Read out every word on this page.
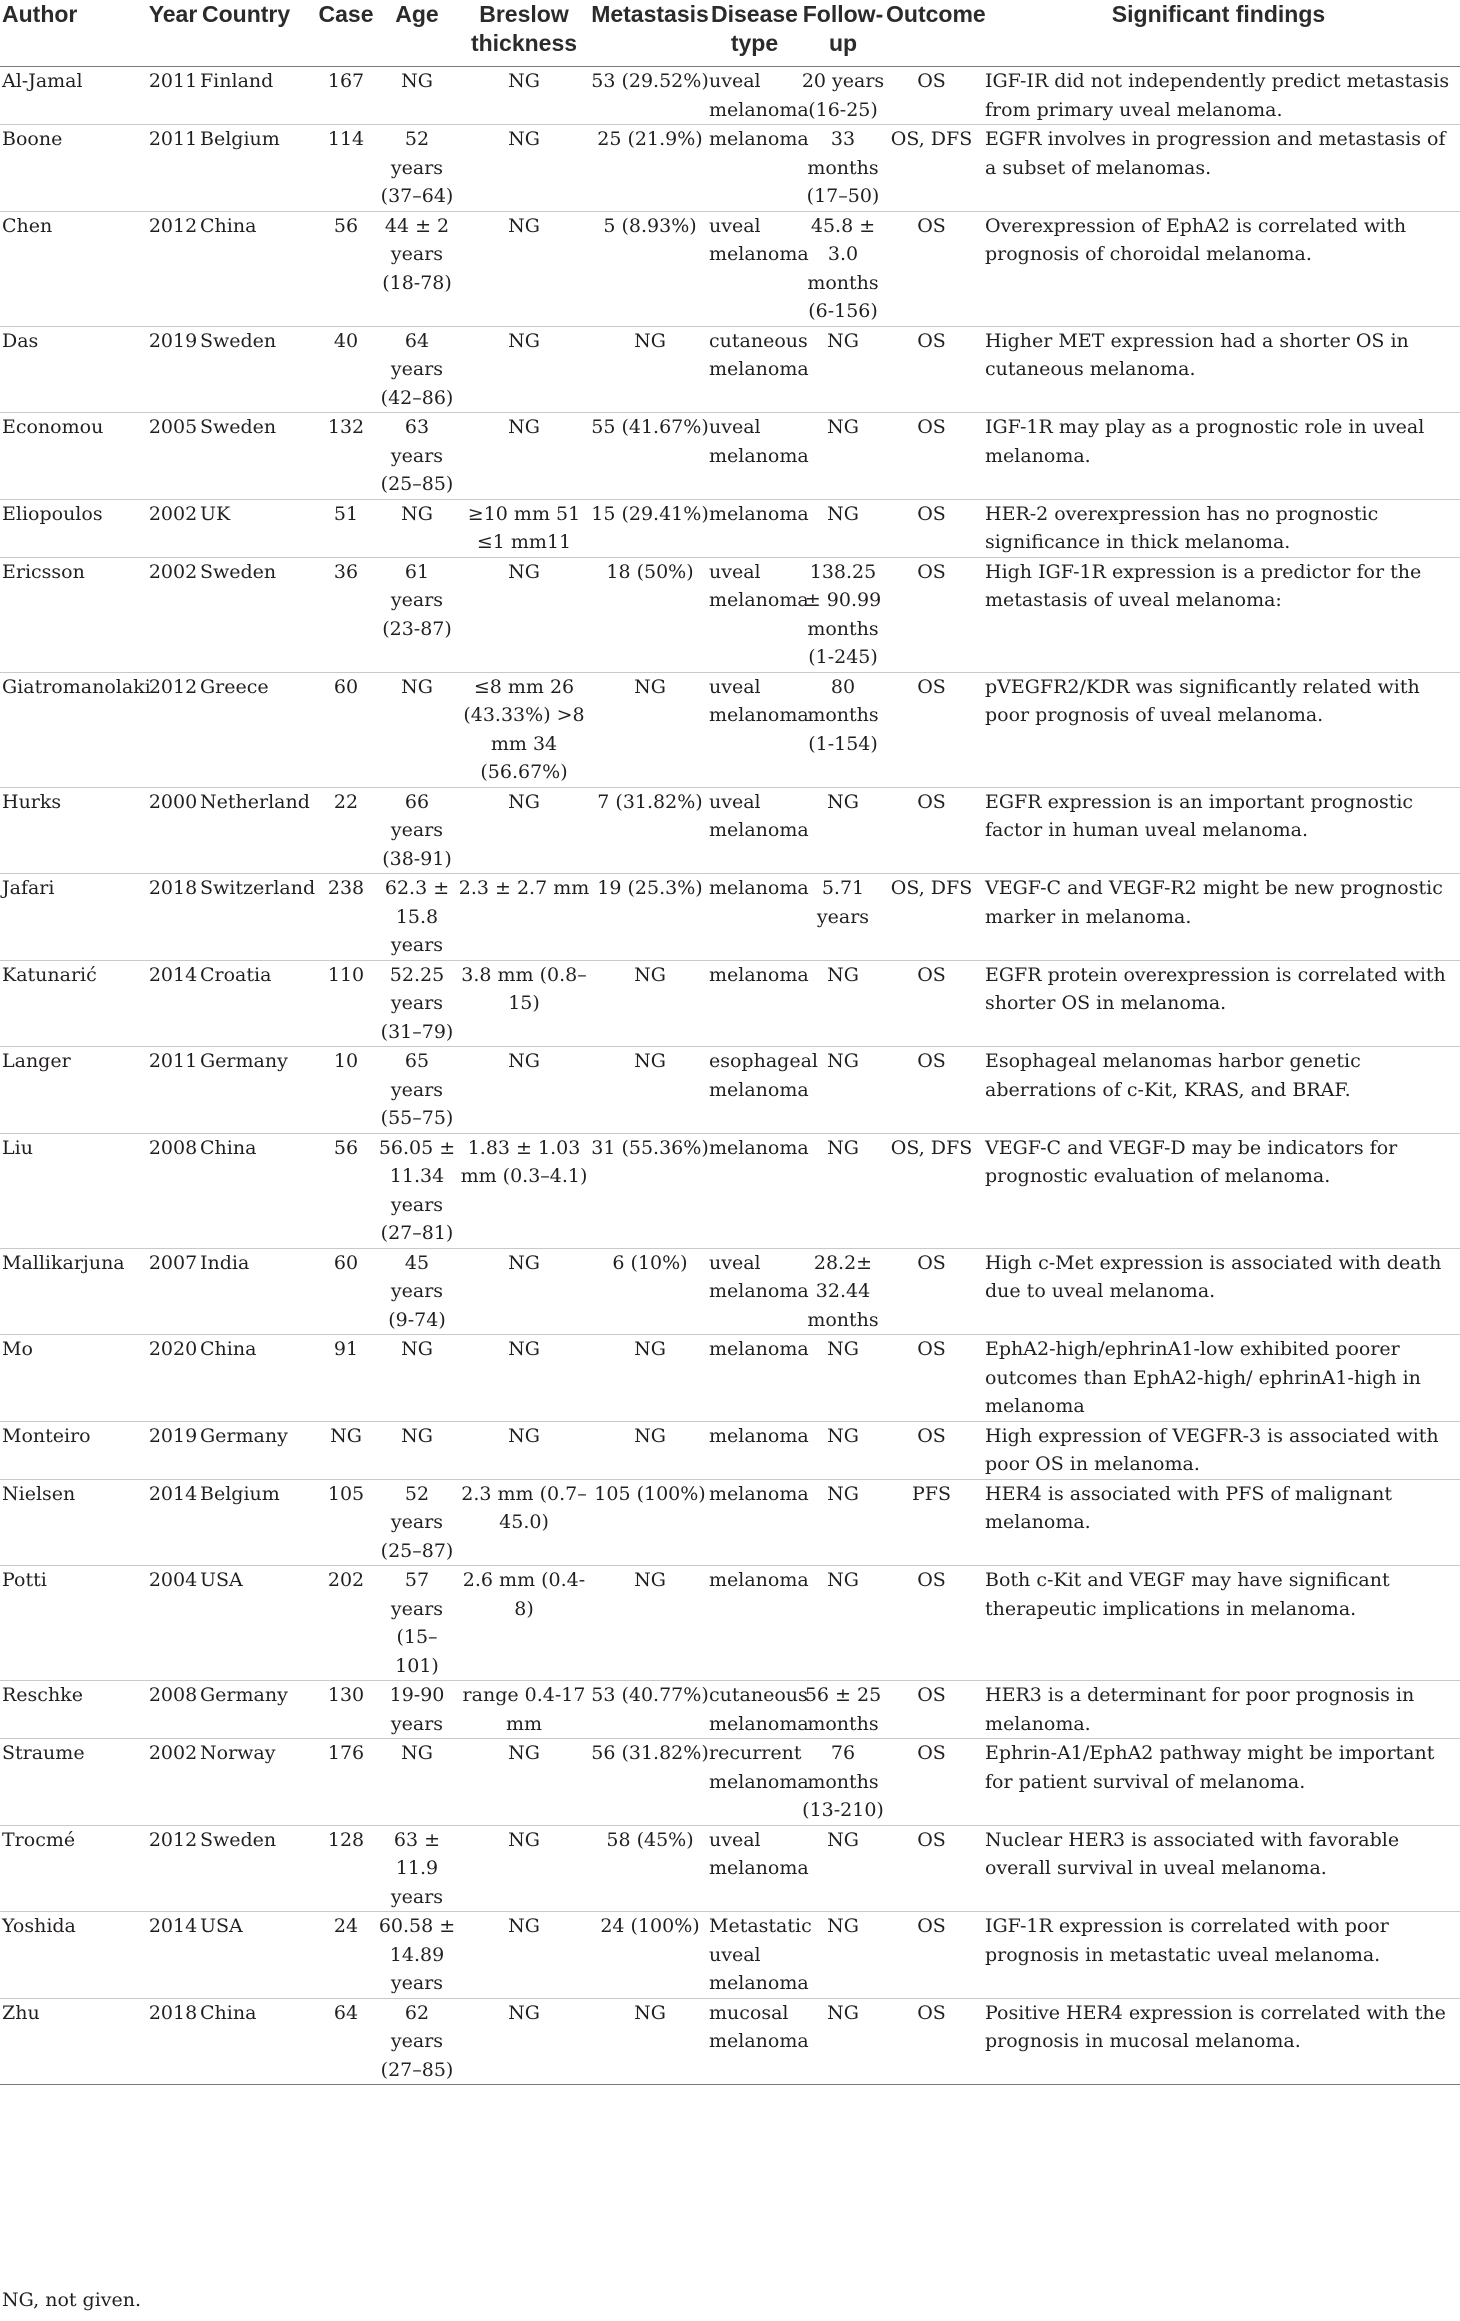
Author	Year	Country	Case	Age	Breslow thickness	Metastasis	Disease type	Follow-up	Outcome	Significant findings
Al-Jamal	2011	Finland	167	NG	NG	53 (29.52%)	uveal melanoma	20 years (16-25)	OS	IGF-IR did not independently predict metastasis from primary uveal melanoma.
Boone	2011	Belgium	114	52 years (37–64)	NG	25 (21.9%)	melanoma	33 months (17–50)	OS, DFS	EGFR involves in progression and metastasis of a subset of melanomas.
Chen	2012	China	56	44 ± 2 years (18-78)	NG	5 (8.93%)	uveal melanoma	45.8 ± 3.0 months (6-156)	OS	Overexpression of EphA2 is correlated with prognosis of choroidal melanoma.
Das	2019	Sweden	40	64 years (42–86)	NG	NG	cutaneous melanoma	NG	OS	Higher MET expression had a shorter OS in cutaneous melanoma.
Economou	2005	Sweden	132	63 years (25–85)	NG	55 (41.67%)	uveal melanoma	NG	OS	IGF-1R may play as a prognostic role in uveal melanoma.
Eliopoulos	2002	UK	51	NG	≥10 mm 51 ≤1 mm11	15 (29.41%)	melanoma	NG	OS	HER-2 overexpression has no prognostic significance in thick melanoma.
Ericsson	2002	Sweden	36	61 years (23-87)	NG	18 (50%)	uveal melanoma	138.25 ± 90.99 months (1-245)	OS	High IGF-1R expression is a predictor for the metastasis of uveal melanoma:
Giatromanolaki	2012	Greece	60	NG	≤8 mm 26 (43.33%) >8 mm 34 (56.67%)	NG	uveal melanoma	80 months (1-154)	OS	pVEGFR2/KDR was significantly related with poor prognosis of uveal melanoma.
Hurks	2000	Netherland	22	66 years (38-91)	NG	7 (31.82%)	uveal melanoma	NG	OS	EGFR expression is an important prognostic factor in human uveal melanoma.
Jafari	2018	Switzerland	238	62.3 ± 15.8 years	2.3 ± 2.7 mm	19 (25.3%)	melanoma	5.71 years	OS, DFS	VEGF-C and VEGF-R2 might be new prognostic marker in melanoma.
Katunarić	2014	Croatia	110	52.25 years (31–79)	3.8 mm (0.8–15)	NG	melanoma	NG	OS	EGFR protein overexpression is correlated with shorter OS in melanoma.
Langer	2011	Germany	10	65 years (55–75)	NG	NG	esophageal melanoma	NG	OS	Esophageal melanomas harbor genetic aberrations of c-Kit, KRAS, and BRAF.
Liu	2008	China	56	56.05 ± 11.34 years (27–81)	1.83 ± 1.03 mm (0.3–4.1)	31 (55.36%)	melanoma	NG	OS, DFS	VEGF-C and VEGF-D may be indicators for prognostic evaluation of melanoma.
Mallikarjuna	2007	India	60	45 years (9-74)	NG	6 (10%)	uveal melanoma	28.2± 32.44 months	OS	High c-Met expression is associated with death due to uveal melanoma.
Mo	2020	China	91	NG	NG	NG	melanoma	NG	OS	EphA2-high/ephrinA1-low exhibited poorer outcomes than EphA2-high/ ephrinA1-high in melanoma
Monteiro	2019	Germany	NG	NG	NG	NG	melanoma	NG	OS	High expression of VEGFR-3 is associated with poor OS in melanoma.
Nielsen	2014	Belgium	105	52 years (25–87)	2.3 mm (0.7–45.0)	105 (100%)	melanoma	NG	PFS	HER4 is associated with PFS of malignant melanoma.
Potti	2004	USA	202	57 years (15–101)	2.6 mm (0.4-8)	NG	melanoma	NG	OS	Both c-Kit and VEGF may have significant therapeutic implications in melanoma.
Reschke	2008	Germany	130	19-90 years	range 0.4-17 mm	53 (40.77%)	cutaneous melanoma	56 ± 25 months	OS	HER3 is a determinant for poor prognosis in melanoma.
Straume	2002	Norway	176	NG	NG	56 (31.82%)	recurrent melanoma	76 months (13-210)	OS	Ephrin-A1/EphA2 pathway might be important for patient survival of melanoma.
Trocmé	2012	Sweden	128	63 ± 11.9 years	NG	58 (45%)	uveal melanoma	NG	OS	Nuclear HER3 is associated with favorable overall survival in uveal melanoma.
Yoshida	2014	USA	24	60.58 ± 14.89 years	NG	24 (100%)	Metastatic uveal melanoma	NG	OS	IGF-1R expression is correlated with poor prognosis in metastatic uveal melanoma.
Zhu	2018	China	64	62 years (27–85)	NG	NG	mucosal melanoma	NG	OS	Positive HER4 expression is correlated with the prognosis in mucosal melanoma.
NG, not given.
